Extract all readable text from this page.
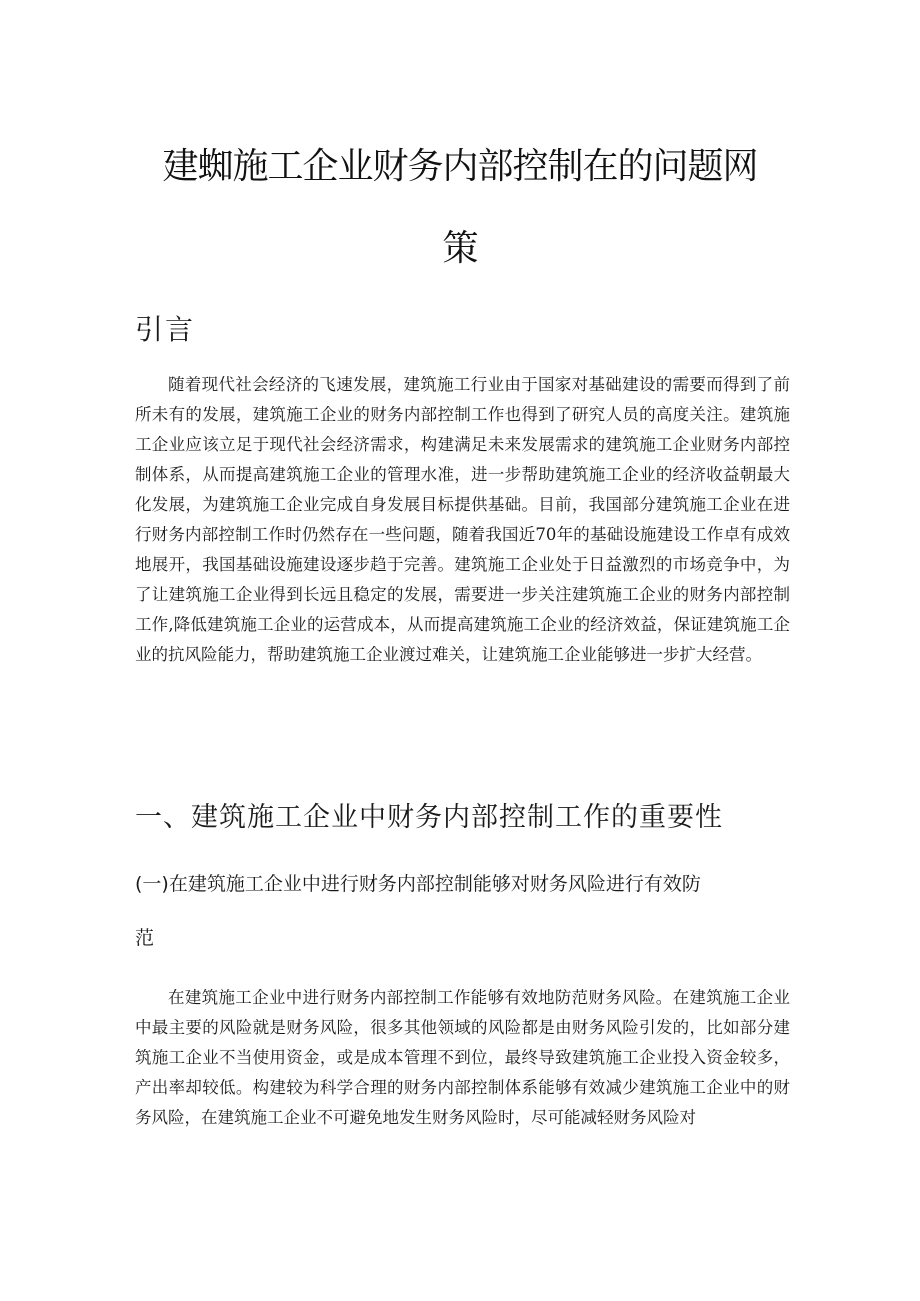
建蜘施工企业财务内部控制在的问题网
策
引言

随着现代社会经济的飞速发展，建筑施工行业由于国家对基础建设的需要而得到了前所未有的发展，建筑施工企业的财务内部控制工作也得到了研究人员的高度关注。建筑施工企业应该立足于现代社会经济需求，构建满足未来发展需求的建筑施工企业财务内部控制体系，从而提高建筑施工企业的管理水准，进一步帮助建筑施工企业的经济收益朝最大化发展，为建筑施工企业完成自身发展目标提供基础。目前，我国部分建筑施工企业在进行财务内部控制工作时仍然存在一些问题，随着我国近70年的基础设施建设工作卓有成效地展开，我国基础设施建设逐步趋于完善。建筑施工企业处于日益激烈的市场竞争中，为了让建筑施工企业得到长远且稳定的发展，需要进一步关注建筑施工企业的财务内部控制工作,降低建筑施工企业的运营成本，从而提高建筑施工企业的经济效益，保证建筑施工企业的抗风险能力，帮助建筑施工企业渡过难关，让建筑施工企业能够进一步扩大经营。

一、建筑施工企业中财务内部控制工作的重要性
(一)在建筑施工企业中进行财务内部控制能够对财务风险进行有效防
范

在建筑施工企业中进行财务内部控制工作能够有效地防范财务风险。在建筑施工企业中最主要的风险就是财务风险，很多其他领域的风险都是由财务风险引发的，比如部分建筑施工企业不当使用资金，或是成本管理不到位，最终导致建筑施工企业投入资金较多，产出率却较低。构建较为科学合理的财务内部控制体系能够有效减少建筑施工企业中的财务风险，在建筑施工企业不可避免地发生财务风险时，尽可能减轻财务风险对
